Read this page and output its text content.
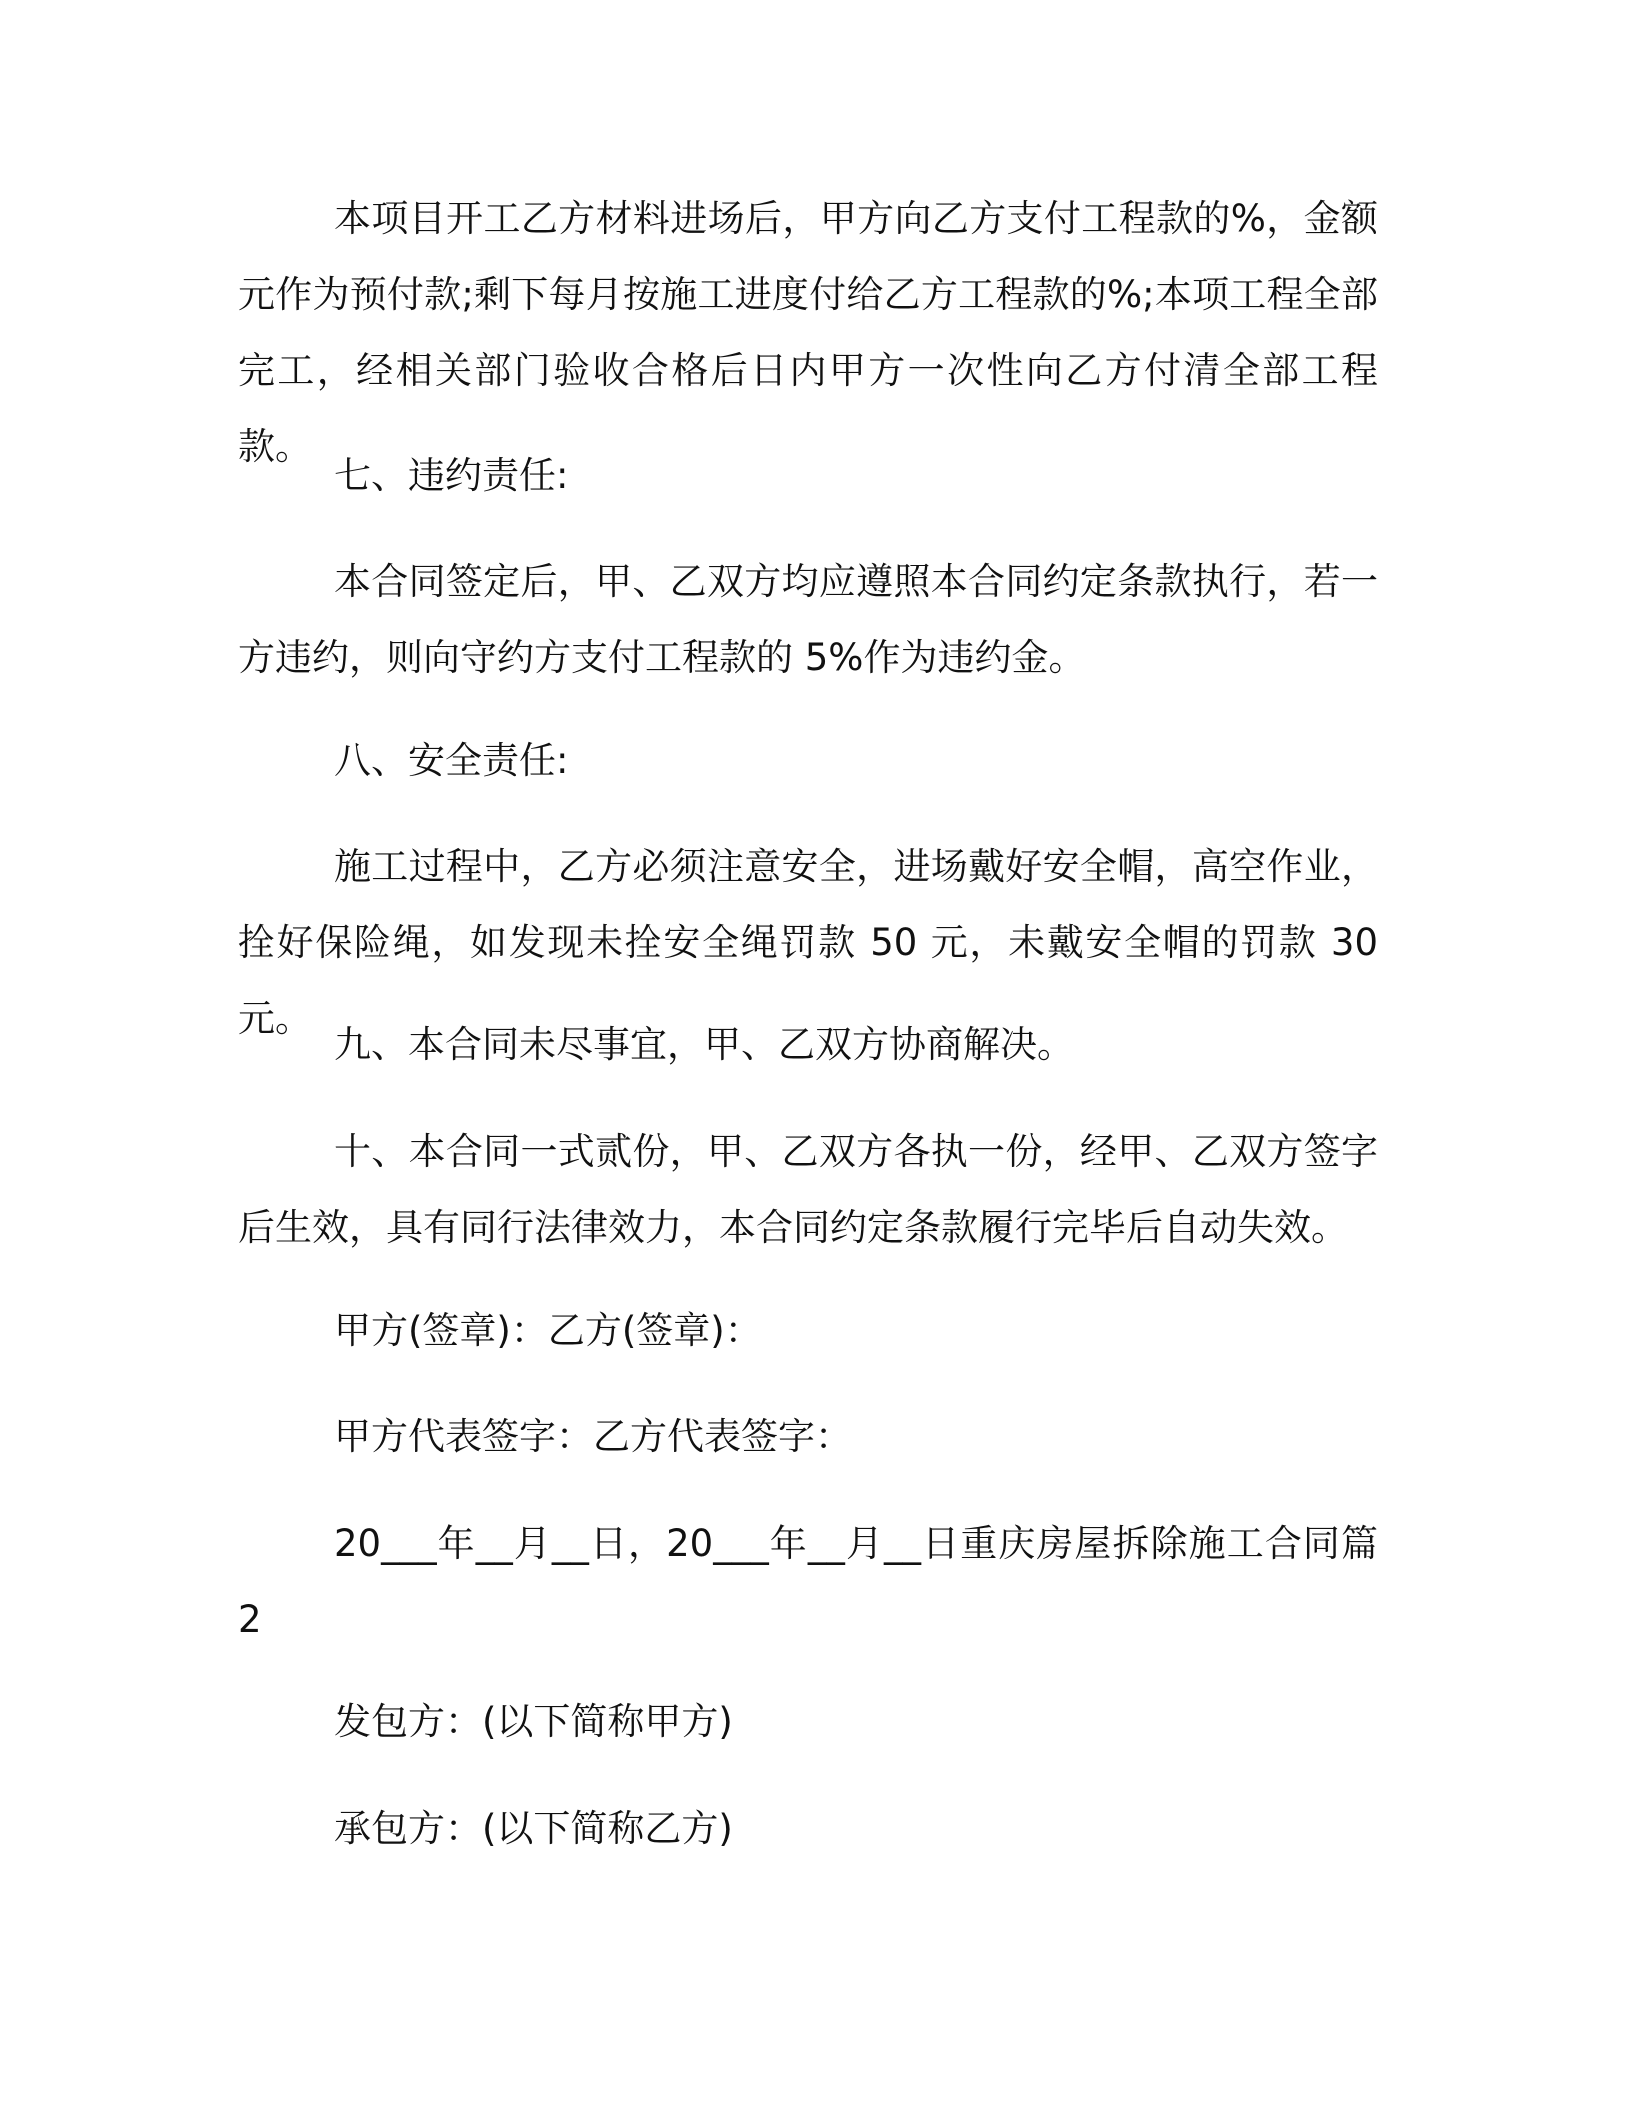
本项目开工乙方材料进场后，甲方向乙方支付工程款的%，金额元作为预付款;剩下每月按施工进度付给乙方工程款的%;本项工程全部完工，经相关部门验收合格后日内甲方一次性向乙方付清全部工程款。

七、违约责任:

本合同签定后，甲、乙双方均应遵照本合同约定条款执行，若一方违约，则向守约方支付工程款的 5%作为违约金。

八、安全责任:

施工过程中，乙方必须注意安全，进场戴好安全帽，高空作业，拴好保险绳，如发现未拴安全绳罚款 50 元，未戴安全帽的罚款 30 元。

九、本合同未尽事宜，甲、乙双方协商解决。

十、本合同一式贰份，甲、乙双方各执一份，经甲、乙双方签字后生效，具有同行法律效力，本合同约定条款履行完毕后自动失效。

甲方(签章)：乙方(签章)：

甲方代表签字：乙方代表签字：

20___年__月__日，20___年__月__日重庆房屋拆除施工合同篇 2

发包方：(以下简称甲方)

承包方：(以下简称乙方)
